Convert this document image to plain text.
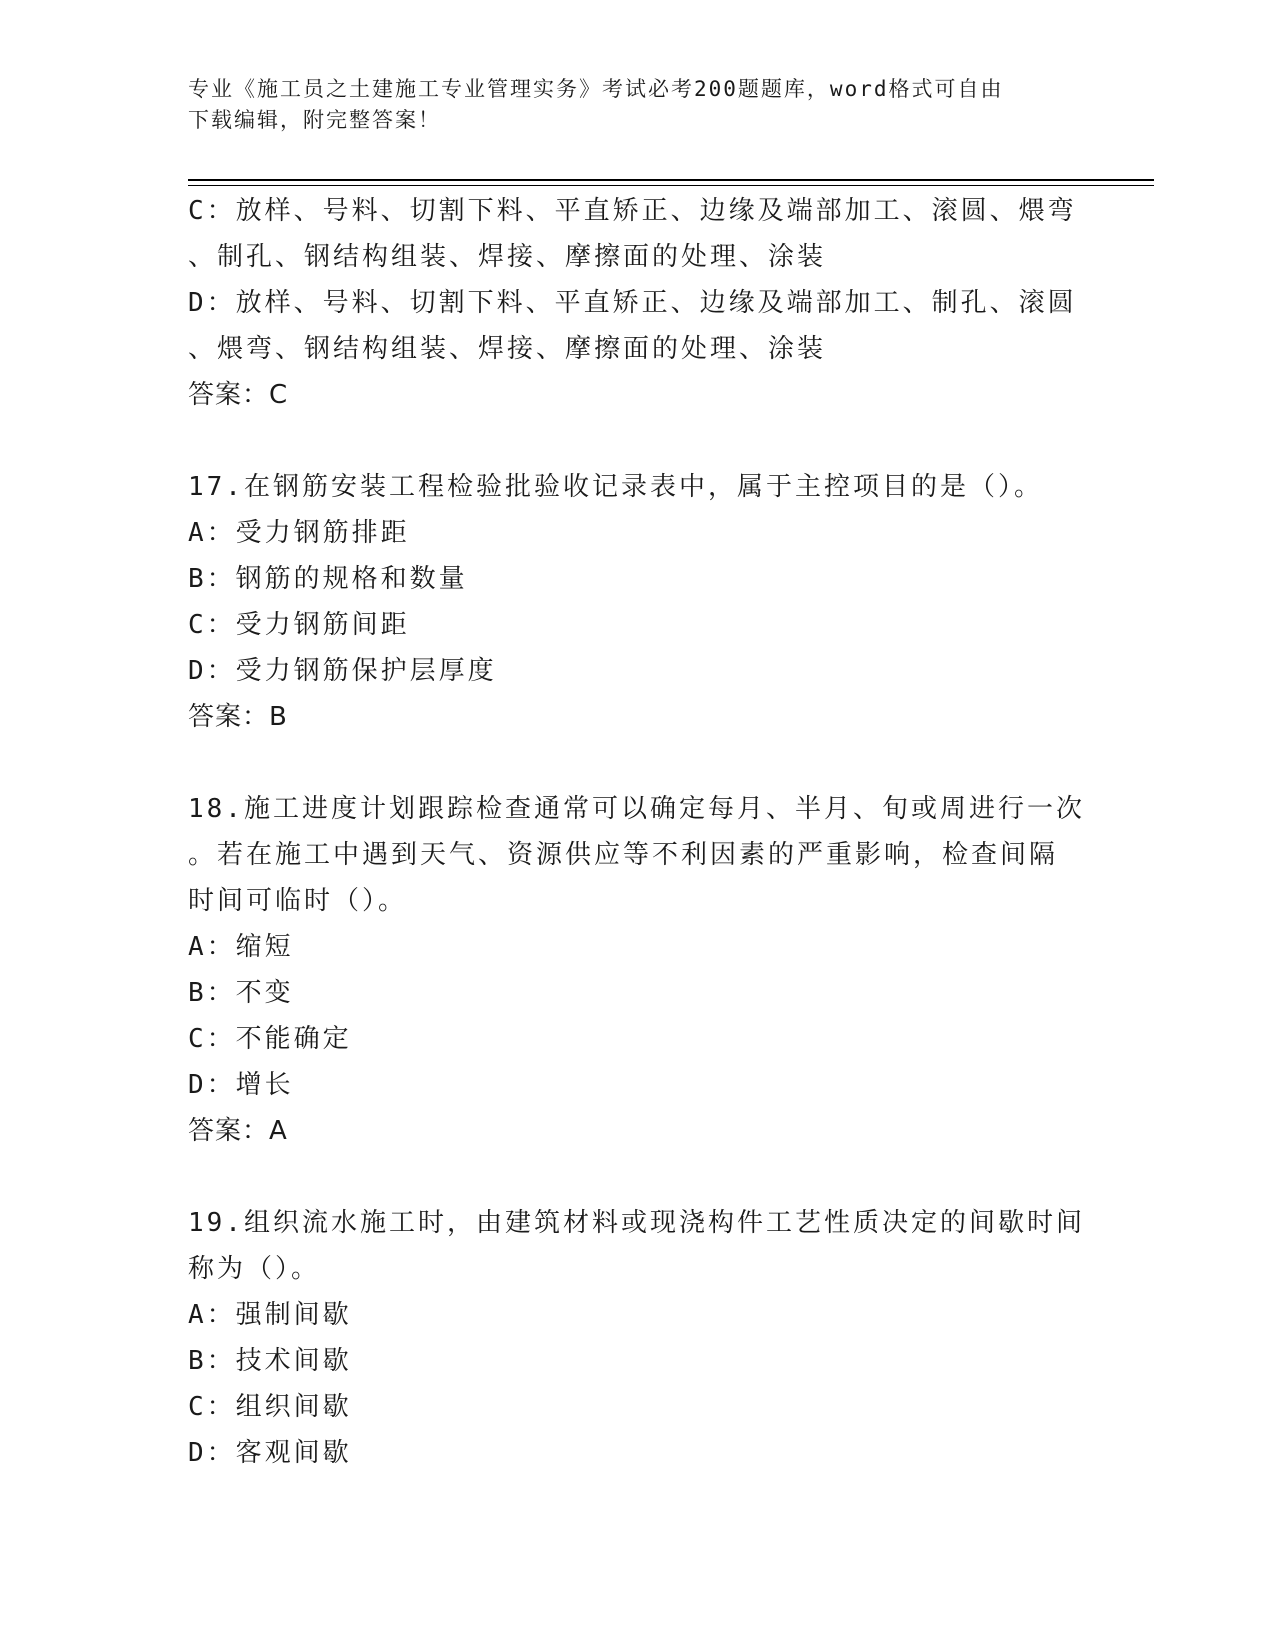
专业《施工员之土建施工专业管理实务》考试必考200题题库，word格式可自由
下载编辑，附完整答案！
C：放样、号料、切割下料、平直矫正、边缘及端部加工、滚圆、煨弯
、制孔、钢结构组装、焊接、摩擦面的处理、涂装
D：放样、号料、切割下料、平直矫正、边缘及端部加工、制孔、滚圆
、煨弯、钢结构组装、焊接、摩擦面的处理、涂装
答案：C
17.在钢筋安装工程检验批验收记录表中，属于主控项目的是（）。
A：受力钢筋排距
B：钢筋的规格和数量
C：受力钢筋间距
D：受力钢筋保护层厚度
答案：B
18.施工进度计划跟踪检查通常可以确定每月、半月、旬或周进行一次
。若在施工中遇到天气、资源供应等不利因素的严重影响，检查间隔
时间可临时（）。
A：缩短
B：不变
C：不能确定
D：增长
答案：A
19.组织流水施工时，由建筑材料或现浇构件工艺性质决定的间歇时间
称为（）。
A：强制间歇
B：技术间歇
C：组织间歇
D：客观间歇
